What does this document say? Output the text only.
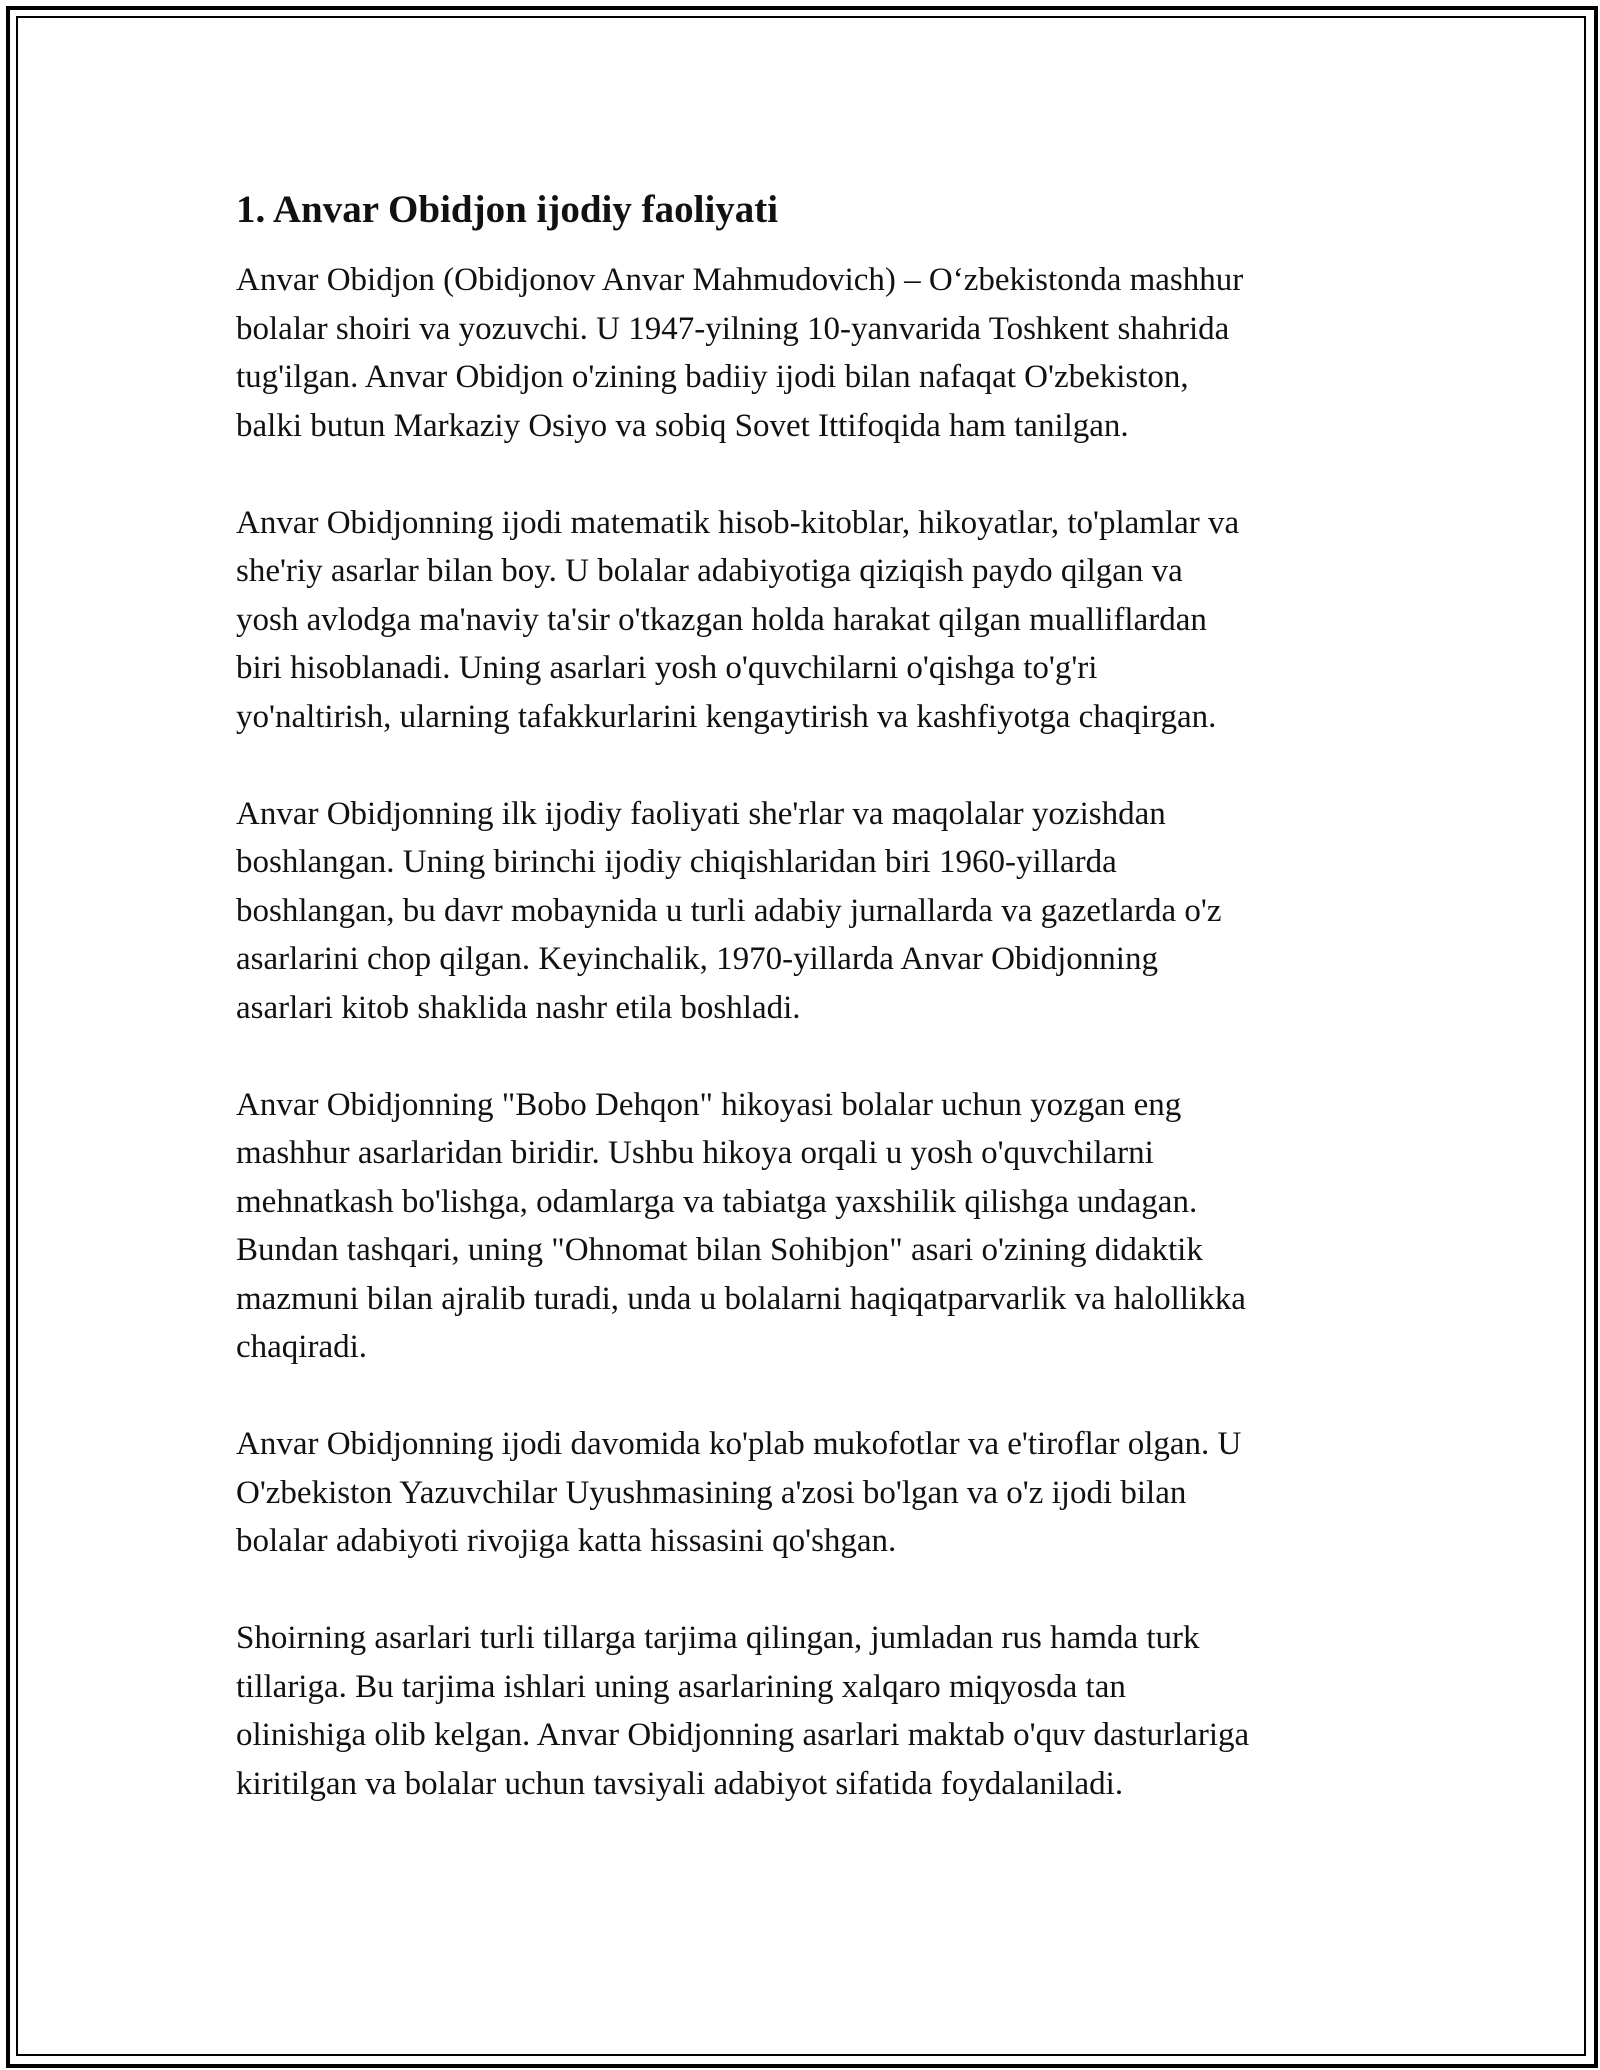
1. Anvar Obidjon ijodiy faoliyati

Anvar Obidjon (Obidjonov Anvar Mahmudovich) – O‘zbekistonda mashhur
bolalar shoiri va yozuvchi. U 1947-yilning 10-yanvarida Toshkent shahrida
tug'ilgan. Anvar Obidjon o'zining badiiy ijodi bilan nafaqat O'zbekiston,
balki butun Markaziy Osiyo va sobiq Sovet Ittifoqida ham tanilgan.

Anvar Obidjonning ijodi matematik hisob-kitoblar, hikoyatlar, to'plamlar va
she'riy asarlar bilan boy. U bolalar adabiyotiga qiziqish paydo qilgan va
yosh avlodga ma'naviy ta'sir o'tkazgan holda harakat qilgan mualliflardan
biri hisoblanadi. Uning asarlari yosh o'quvchilarni o'qishga to'g'ri
yo'naltirish, ularning tafakkurlarini kengaytirish va kashfiyotga chaqirgan.

Anvar Obidjonning ilk ijodiy faoliyati she'rlar va maqolalar yozishdan
boshlangan. Uning birinchi ijodiy chiqishlaridan biri 1960-yillarda
boshlangan, bu davr mobaynida u turli adabiy jurnallarda va gazetlarda o'z
asarlarini chop qilgan. Keyinchalik, 1970-yillarda Anvar Obidjonning
asarlari kitob shaklida nashr etila boshladi.

Anvar Obidjonning "Bobo Dehqon" hikoyasi bolalar uchun yozgan eng
mashhur asarlaridan biridir. Ushbu hikoya orqali u yosh o'quvchilarni
mehnatkash bo'lishga, odamlarga va tabiatga yaxshilik qilishga undagan.
Bundan tashqari, uning "Ohnomat bilan Sohibjon" asari o'zining didaktik
mazmuni bilan ajralib turadi, unda u bolalarni haqiqatparvarlik va halollikka
chaqiradi.

Anvar Obidjonning ijodi davomida ko'plab mukofotlar va e'tiroflar olgan. U
O'zbekiston Yazuvchilar Uyushmasining a'zosi bo'lgan va o'z ijodi bilan
bolalar adabiyoti rivojiga katta hissasini qo'shgan.

Shoirning asarlari turli tillarga tarjima qilingan, jumladan rus hamda turk
tillariga. Bu tarjima ishlari uning asarlarining xalqaro miqyosda tan
olinishiga olib kelgan. Anvar Obidjonning asarlari maktab o'quv dasturlariga
kiritilgan va bolalar uchun tavsiyali adabiyot sifatida foydalaniladi.
